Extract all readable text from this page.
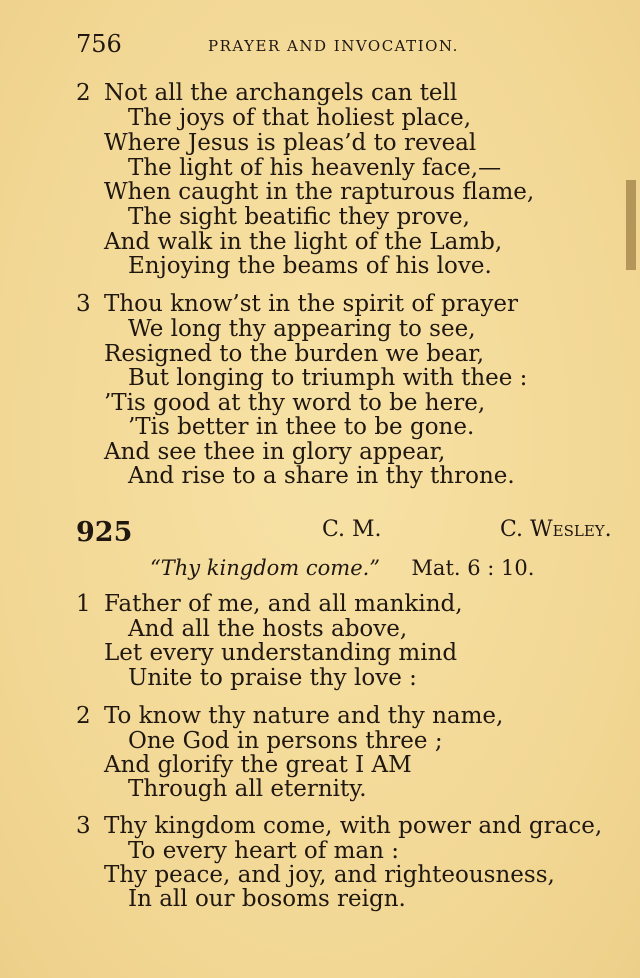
756	PRAYER AND INVOCATION.
2 Not all the archangels can tell
The joys of that holiest place,
Where Jesus is pleas’d to reveal
The light of his heavenly face,—
When caught in the rapturous flame,
The sight beatific they prove,
And walk in the light of the Lamb,
Enjoying the beams of his love.
3 Thou know’st in the spirit of prayer
We long thy appearing to see,
Resigned to the burden we bear,
But longing to triumph with thee :
’Tis good at thy word to be here,
’Tis better in thee to be gone.
And see thee in glory appear,
And rise to a share in thy throne.
925	C. M.	C. Wesley.
“Thy kingdom come.” Mat. 6 : 10.
1 Father of me, and all mankind,
And all the hosts above,
Let every understanding mind
Unite to praise thy love :
2 To know thy nature and thy name,
One God in persons three ;
And glorify the great I AM
Through all eternity.
3 Thy kingdom come, with power and grace,
To every heart of man :
Thy peace, and joy, and righteousness,
In all our bosoms reign.
